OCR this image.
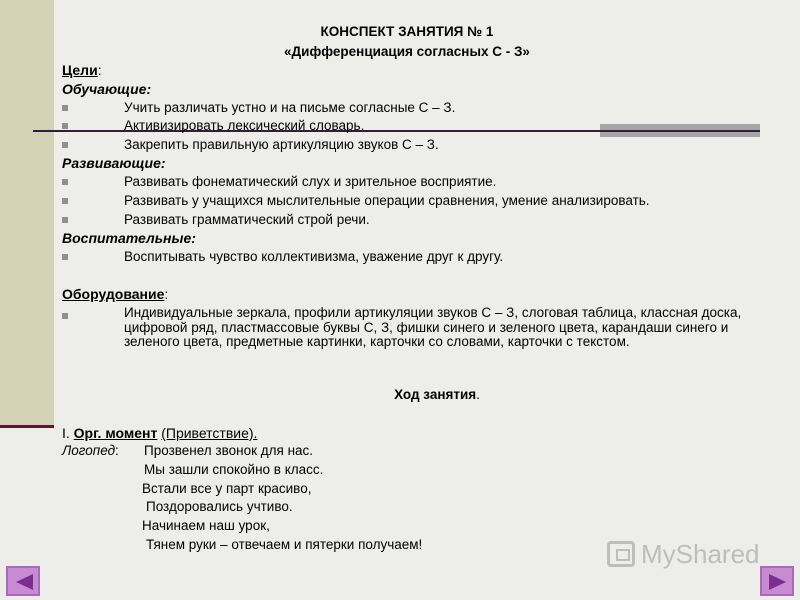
КОНСПЕКТ ЗАНЯТИЯ № 1
«Дифференциация согласных С - З»
Цели:
Обучающие:
Учить различать устно и на письме согласные С – З.
Активизировать лексический словарь.
Закрепить правильную артикуляцию звуков С – З.
Развивающие:
Развивать фонематический слух и зрительное восприятие.
Развивать у учащихся мыслительные операции сравнения, умение анализировать.
Развивать грамматический строй речи.
Воспитательные:
Воспитывать чувство коллективизма, уважение друг к другу.
Оборудование:
Индивидуальные зеркала, профили артикуляции звуков С – З, слоговая таблица, классная доска, цифровой ряд, пластмассовые буквы С, З, фишки синего и зеленого цвета, карандаши синего и зеленого цвета, предметные картинки, карточки со словами, карточки с текстом.
Ход занятия.
I. Орг. момент (Приветствие).
Логопед: Прозвенел звонок для нас.
Мы зашли спокойно в класс.
Встали все у парт красиво,
Поздоровались учтиво.
Начинаем наш урок,
Тянем руки – отвечаем и пятерки получаем!	MyShared
